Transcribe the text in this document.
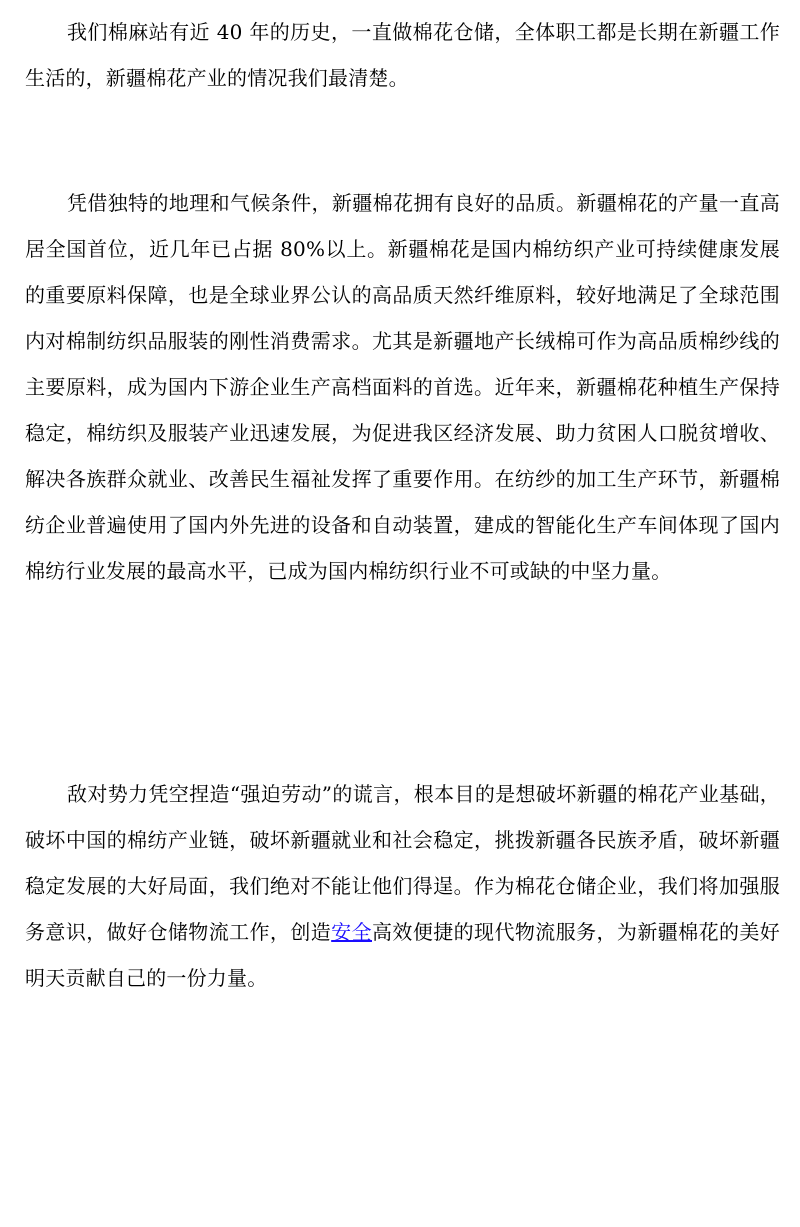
我们棉麻站有近 40 年的历史，一直做棉花仓储，全体职工都是长期在新疆工作生活的，新疆棉花产业的情况我们最清楚。

凭借独特的地理和气候条件，新疆棉花拥有良好的品质。新疆棉花的产量一直高居全国首位，近几年已占据 80%以上。新疆棉花是国内棉纺织产业可持续健康发展的重要原料保障，也是全球业界公认的高品质天然纤维原料，较好地满足了全球范围内对棉制纺织品服装的刚性消费需求。尤其是新疆地产长绒棉可作为高品质棉纱线的主要原料，成为国内下游企业生产高档面料的首选。近年来，新疆棉花种植生产保持稳定，棉纺织及服装产业迅速发展，为促进我区经济发展、助力贫困人口脱贫增收、解决各族群众就业、改善民生福祉发挥了重要作用。在纺纱的加工生产环节，新疆棉纺企业普遍使用了国内外先进的设备和自动装置，建成的智能化生产车间体现了国内棉纺行业发展的最高水平，已成为国内棉纺织行业不可或缺的中坚力量。

敌对势力凭空捏造“强迫劳动”的谎言，根本目的是想破坏新疆的棉花产业基础，破坏中国的棉纺产业链，破坏新疆就业和社会稳定，挑拨新疆各民族矛盾，破坏新疆稳定发展的大好局面，我们绝对不能让他们得逞。作为棉花仓储企业，我们将加强服务意识，做好仓储物流工作，创造安全高效便捷的现代物流服务，为新疆棉花的美好明天贡献自己的一份力量。
